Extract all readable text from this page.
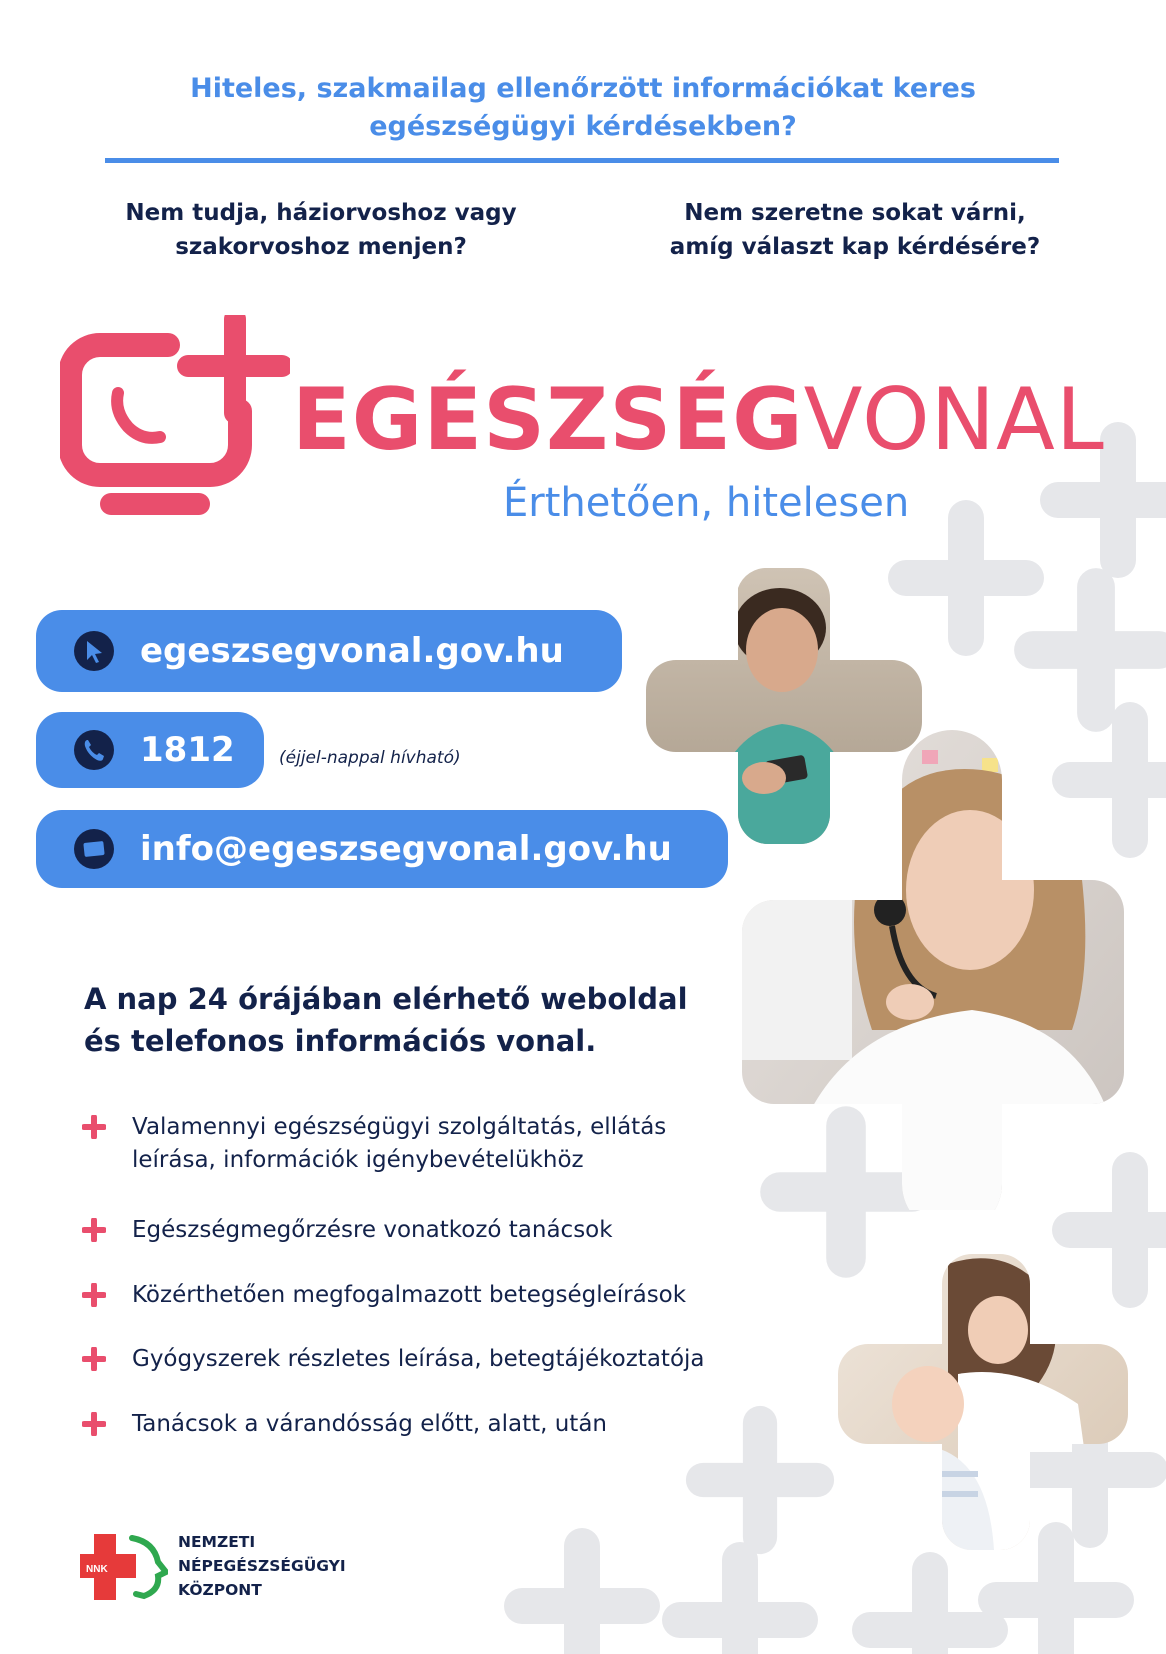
Hiteles, szakmailag ellenőrzött információkat keres
egészségügyi kérdésekben?
Nem tudja, háziorvoshoz vagy
szakorvoshoz menjen?
Nem szeretne sokat várni,
amíg választ kap kérdésére?
EGÉSZSÉGVONAL
Érthetően, hitelesen
egeszsegvonal.gov.hu
1812	(éjjel-nappal hívható)
info@egeszsegvonal.gov.hu
A nap 24 órájában elérhető weboldal
és telefonos információs vonal.
Valamennyi egészségügyi szolgáltatás, ellátás
leírása, információk igénybevételükhöz
Egészségmegőrzésre vonatkozó tanácsok
Közérthetően megfogalmazott betegségleírások
Gyógyszerek részletes leírása, betegtájékoztatója
Tanácsok a várandósság előtt, alatt, után
NNK
NEMZETI
NÉPEGÉSZSÉGÜGYI
KÖZPONT
